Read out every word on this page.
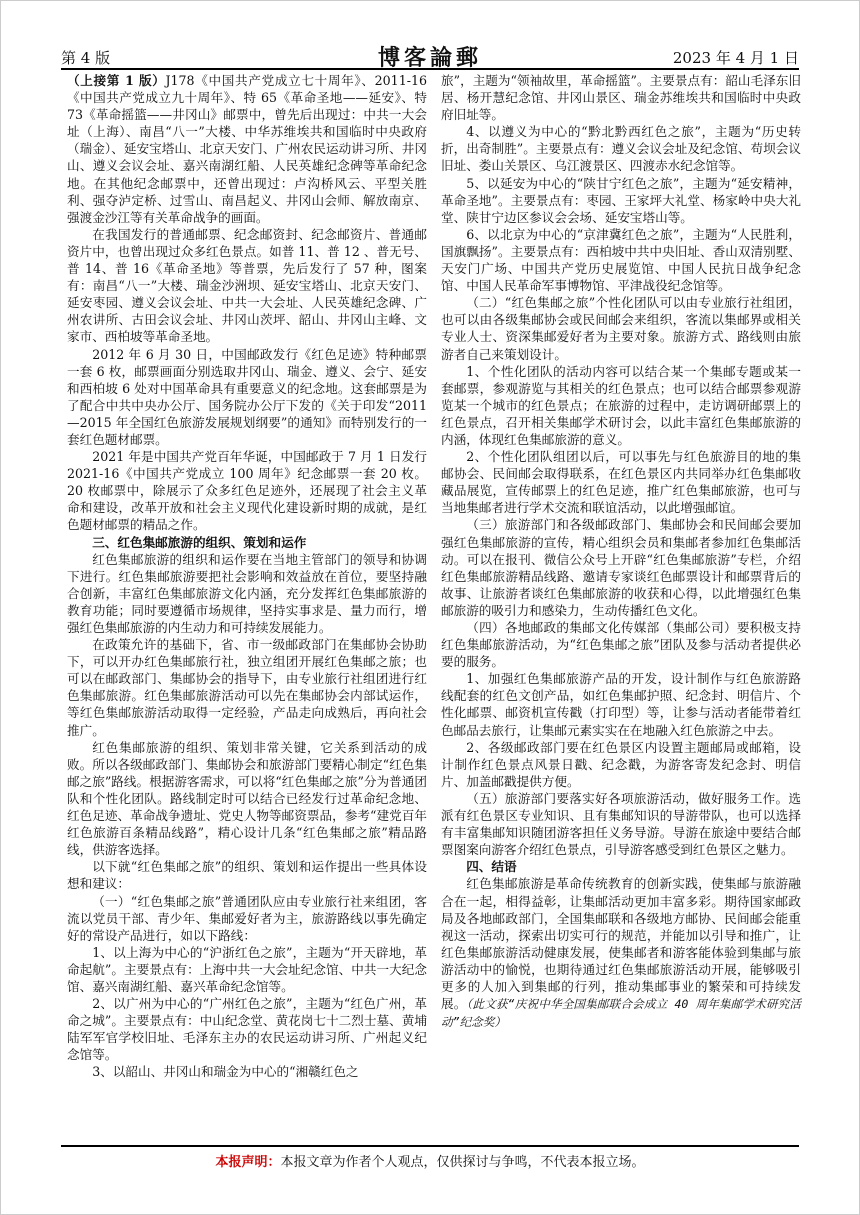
第 4 版	博客論郵	2023 年 4 月 1 日

（上接第 1 版）J178《中国共产党成立七十周年》、2011-16《中国共产党成立九十周年》、特 65《革命圣地——延安》、特 73《革命摇篮——井冈山》邮票中，曾先后出现过：中共一大会址（上海）、南昌“八一”大楼、中华苏维埃共和国临时中央政府（瑞金）、延安宝塔山、北京天安门、广州农民运动讲习所、井冈山、遵义会议会址、嘉兴南湖红船、人民英雄纪念碑等革命纪念地。在其他纪念邮票中，还曾出现过：卢沟桥风云、平型关胜利、强夺泸定桥、过雪山、南昌起义、井冈山会师、解放南京、强渡金沙江等有关革命战争的画面。

在我国发行的普通邮票、纪念邮资封、纪念邮资片、普通邮资片中，也曾出现过众多红色景点。如普 11、普 12 、普无号、普 14、普 16《革命圣地》等普票，先后发行了 57 种，图案有：南昌“八一”大楼、瑞金沙洲坝、延安宝塔山、北京天安门、延安枣园、遵义会议会址、中共一大会址、人民英雄纪念碑、广州农讲所、古田会议会址、井冈山茨坪、韶山、井冈山主峰、文家市、西柏坡等革命圣地。

2012 年 6 月 30 日，中国邮政发行《红色足迹》特种邮票一套 6 枚，邮票画面分别选取井冈山、瑞金、遵义、会宁、延安和西柏坡 6 处对中国革命具有重要意义的纪念地。这套邮票是为了配合中共中央办公厅、国务院办公厅下发的《关于印发“2011—2015 年全国红色旅游发展规划纲要”的通知》而特别发行的一套红色题材邮票。

2021 年是中国共产党百年华诞，中国邮政于 7 月 1 日发行 2021-16《中国共产党成立 100 周年》纪念邮票一套 20 枚。20 枚邮票中，除展示了众多红色足迹外，还展现了社会主义革命和建设，改革开放和社会主义现代化建设新时期的成就，是红色题材邮票的精品之作。

三、红色集邮旅游的组织、策划和运作

红色集邮旅游的组织和运作要在当地主管部门的领导和协调下进行。红色集邮旅游要把社会影响和效益放在首位，要坚持融合创新，丰富红色集邮旅游文化内涵，充分发挥红色集邮旅游的教育功能；同时要遵循市场规律，坚持实事求是、量力而行，增强红色集邮旅游的内生动力和可持续发展能力。

在政策允许的基础下，省、市一级邮政部门在集邮协会协助下，可以开办红色集邮旅行社，独立组团开展红色集邮之旅；也可以在邮政部门、集邮协会的指导下，由专业旅行社组团进行红色集邮旅游。红色集邮旅游活动可以先在集邮协会内部试运作，等红色集邮旅游活动取得一定经验，产品走向成熟后，再向社会推广。

红色集邮旅游的组织、策划非常关键，它关系到活动的成败。所以各级邮政部门、集邮协会和旅游部门要精心制定“红色集邮之旅”路线。根据游客需求，可以将“红色集邮之旅”分为普通团队和个性化团队。路线制定时可以结合已经发行过革命纪念地、红色足迹、革命战争遗址、党史人物等邮资票品，参考“建党百年红色旅游百条精品线路”，精心设计几条“红色集邮之旅”精品路线，供游客选择。

以下就“红色集邮之旅”的组织、策划和运作提出一些具体设想和建议：

（一）“红色集邮之旅”普通团队应由专业旅行社来组团，客流以党员干部、青少年、集邮爱好者为主，旅游路线以事先确定好的常设产品进行，如以下路线：

1、以上海为中心的“沪浙红色之旅”，主题为“开天辟地，革命起航”。主要景点有：上海中共一大会址纪念馆、中共一大纪念馆、嘉兴南湖红船、嘉兴革命纪念馆等。

2、以广州为中心的“广州红色之旅”，主题为“红色广州，革命之城”。主要景点有：中山纪念堂、黄花岗七十二烈士墓、黄埔陆军军官学校旧址、毛泽东主办的农民运动讲习所、广州起义纪念馆等。

3、以韶山、井冈山和瑞金为中心的“湘赣红色之

旅”，主题为“领袖故里，革命摇篮”。主要景点有：韶山毛泽东旧居、杨开慧纪念馆、井冈山景区、瑞金苏维埃共和国临时中央政府旧址等。

4、以遵义为中心的“黔北黔西红色之旅”，主题为“历史转折，出奇制胜”。主要景点有：遵义会议会址及纪念馆、苟坝会议旧址、娄山关景区、乌江渡景区、四渡赤水纪念馆等。

5、以延安为中心的“陕甘宁红色之旅”，主题为“延安精神，革命圣地”。主要景点有：枣园、王家坪大礼堂、杨家岭中央大礼堂、陕甘宁边区参议会会场、延安宝塔山等。

6、以北京为中心的“京津冀红色之旅”，主题为“人民胜利，国旗飘扬”。主要景点有：西柏坡中共中央旧址、香山双清别墅、天安门广场、中国共产党历史展览馆、中国人民抗日战争纪念馆、中国人民革命军事博物馆、平津战役纪念馆等。

（二）“红色集邮之旅”个性化团队可以由专业旅行社组团，也可以由各级集邮协会或民间邮会来组织，客流以集邮界或相关专业人士、资深集邮爱好者为主要对象。旅游方式、路线则由旅游者自己来策划设计。

1、个性化团队的活动内容可以结合某一个集邮专题或某一套邮票，参观游览与其相关的红色景点；也可以结合邮票参观游览某一个城市的红色景点；在旅游的过程中，走访调研邮票上的红色景点，召开相关集邮学术研讨会，以此丰富红色集邮旅游的内涵，体现红色集邮旅游的意义。

2、个性化团队组团以后，可以事先与红色旅游目的地的集邮协会、民间邮会取得联系，在红色景区内共同举办红色集邮收藏品展览，宣传邮票上的红色足迹，推广红色集邮旅游，也可与当地集邮者进行学术交流和联谊活动，以此增强邮谊。

（三）旅游部门和各级邮政部门、集邮协会和民间邮会要加强红色集邮旅游的宣传，精心组织会员和集邮者参加红色集邮活动。可以在报刊、微信公众号上开辟“红色集邮旅游”专栏，介绍红色集邮旅游精品线路、邀请专家谈红色邮票设计和邮票背后的故事、让旅游者谈红色集邮旅游的收获和心得，以此增强红色集邮旅游的吸引力和感染力，生动传播红色文化。

（四）各地邮政的集邮文化传媒部（集邮公司）要积极支持红色集邮旅游活动，为“红色集邮之旅”团队及参与活动者提供必要的服务。

1、加强红色集邮旅游产品的开发，设计制作与红色旅游路线配套的红色文创产品，如红色集邮护照、纪念封、明信片、个性化邮票、邮资机宣传戳（打印型）等，让参与活动者能带着红色邮品去旅行，让集邮元素实实在在地融入红色旅游之中去。

2、各级邮政部门要在红色景区内设置主题邮局或邮箱，设计制作红色景点风景日戳、纪念戳，为游客寄发纪念封、明信片、加盖邮戳提供方便。

（五）旅游部门要落实好各项旅游活动，做好服务工作。选派有红色景区专业知识、且有集邮知识的导游带队，也可以选择有丰富集邮知识随团游客担任义务导游。导游在旅途中要结合邮票图案向游客介绍红色景点，引导游客感受到红色景区之魅力。

四、结语

红色集邮旅游是革命传统教育的创新实践，使集邮与旅游融合在一起，相得益彰，让集邮活动更加丰富多彩。期待国家邮政局及各地邮政部门，全国集邮联和各级地方邮协、民间邮会能重视这一活动，探索出切实可行的规范，并能加以引导和推广，让红色集邮旅游活动健康发展，使集邮者和游客能体验到集邮与旅游活动中的愉悦，也期待通过红色集邮旅游活动开展，能够吸引更多的人加入到集邮的行列，推动集邮事业的繁荣和可持续发展。（此文获“庆祝中华全国集邮联合会成立 40 周年集邮学术研究活动”纪念奖）

本报声明：本报文章为作者个人观点，仅供探讨与争鸣，不代表本报立场。
